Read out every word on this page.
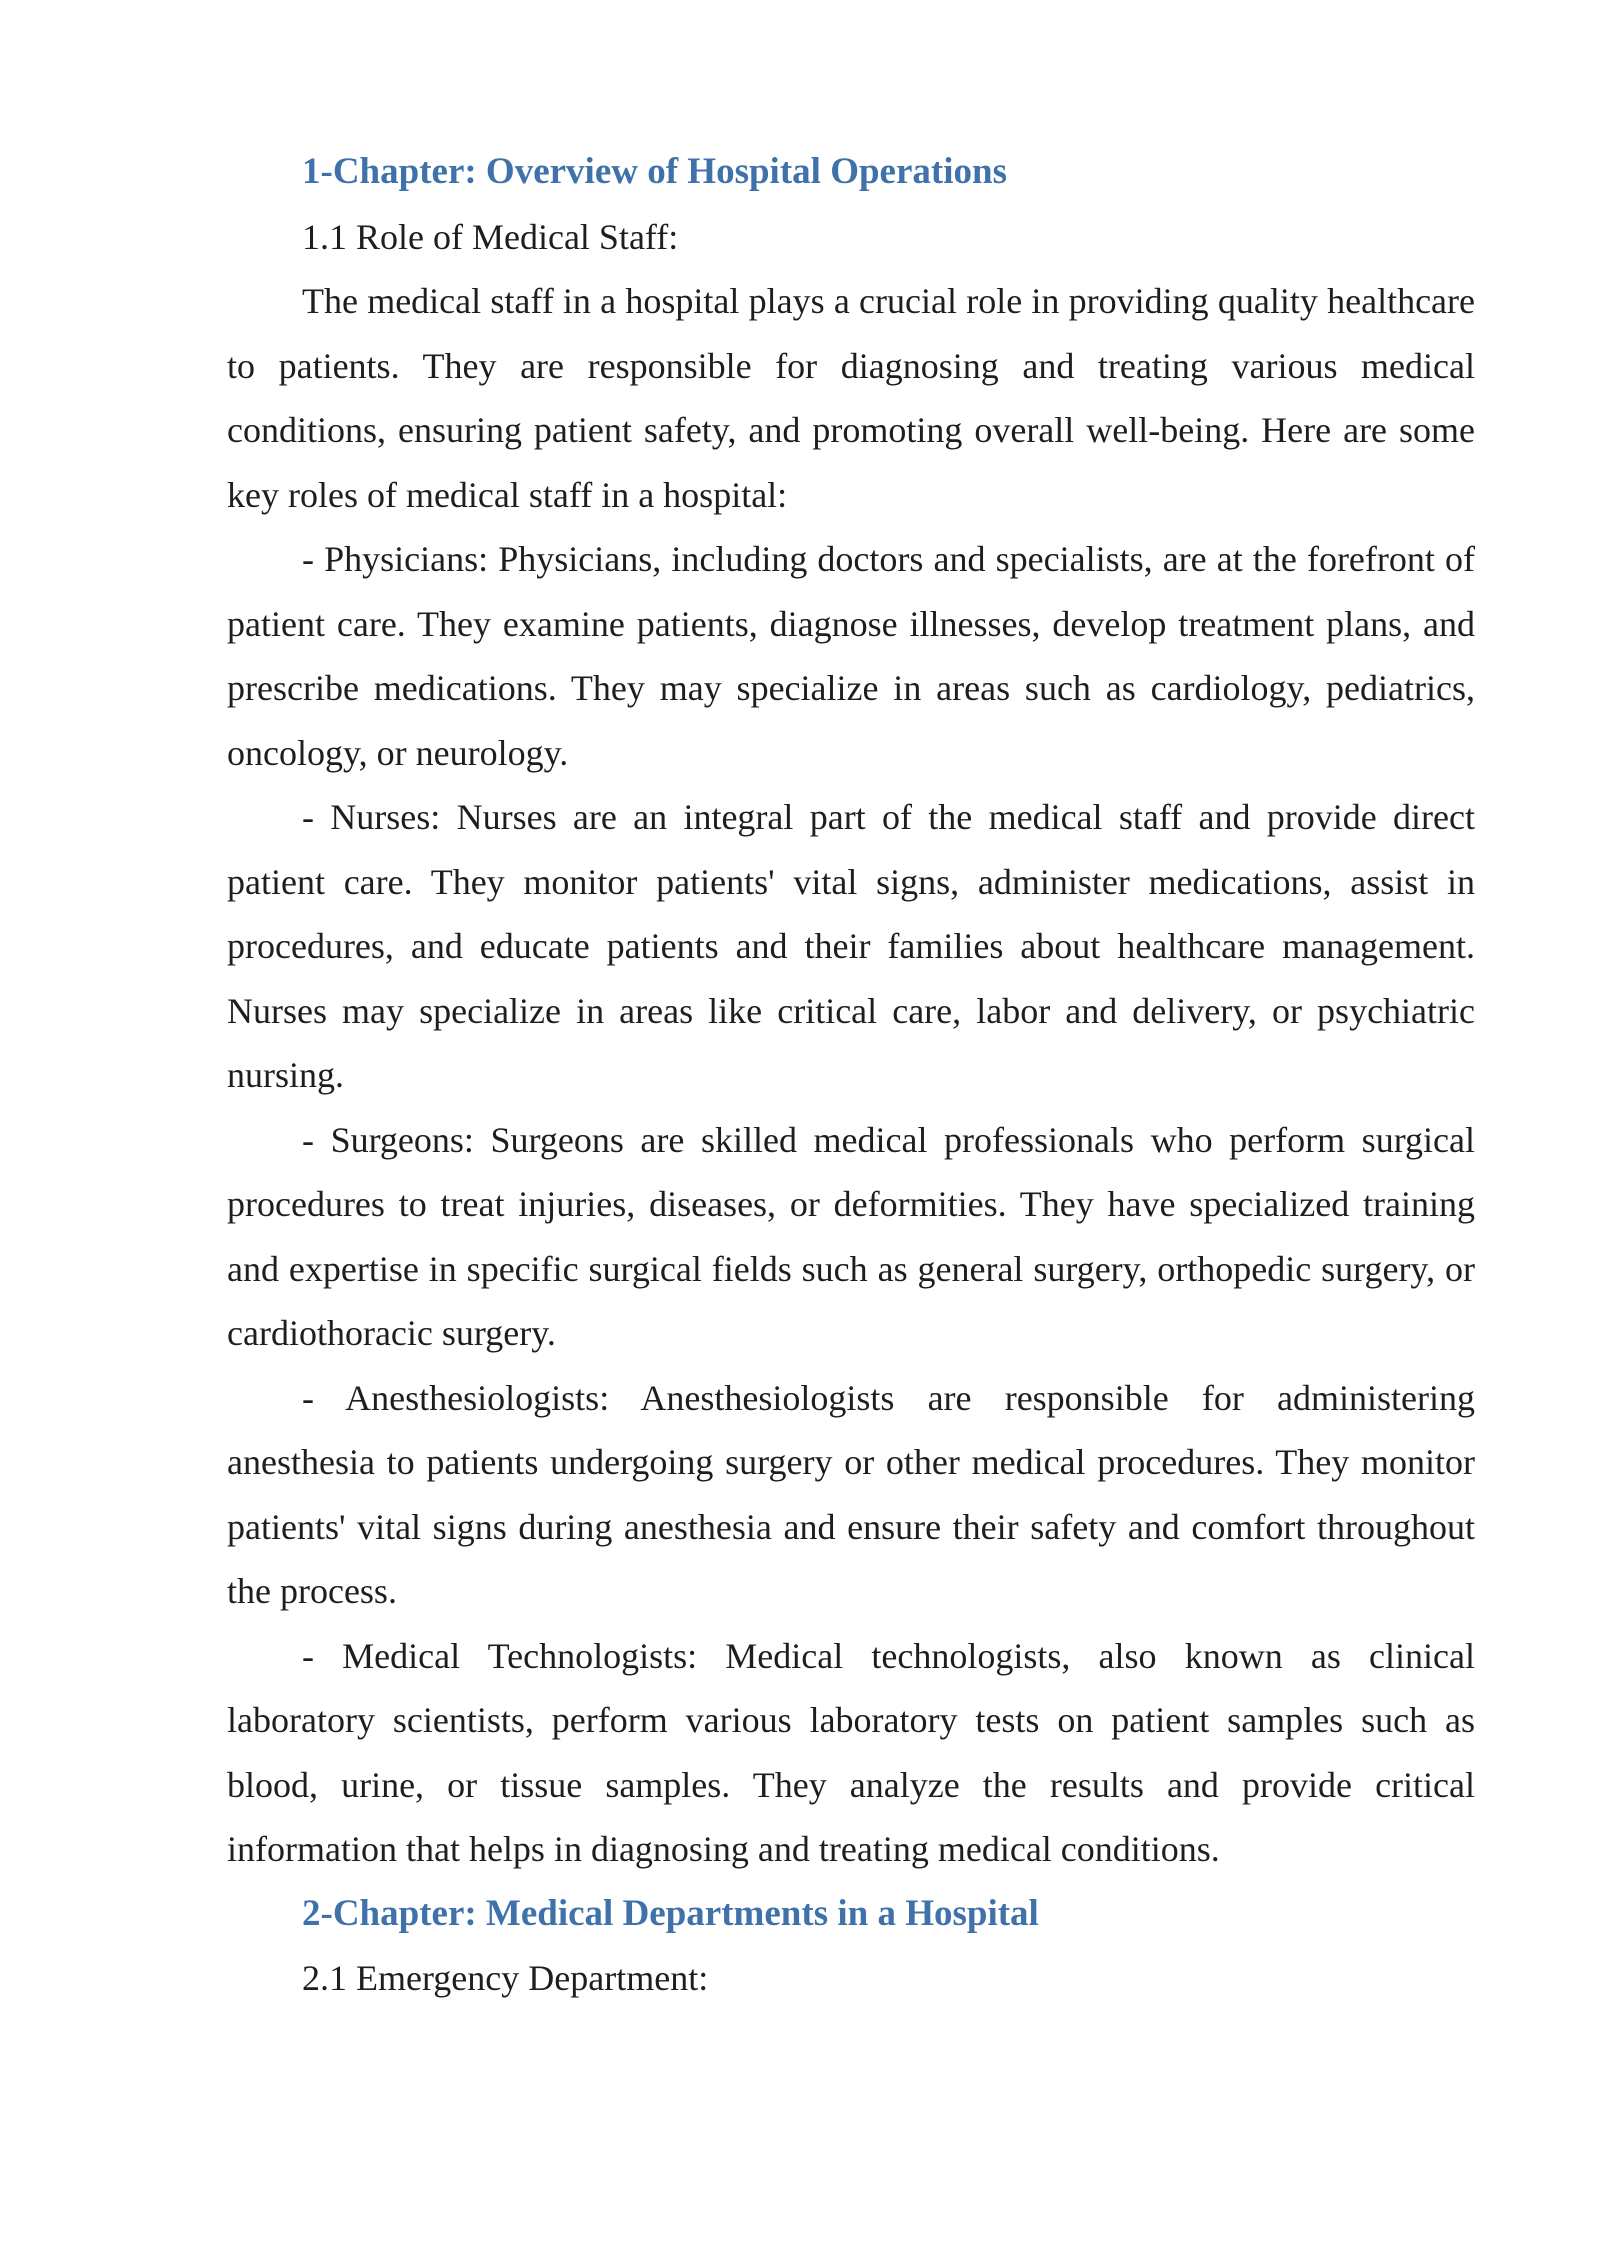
1-Chapter: Overview of Hospital Operations
1.1 Role of Medical Staff:

The medical staff in a hospital plays a crucial role in providing quality healthcare to patients. They are responsible for diagnosing and treating various medical conditions, ensuring patient safety, and promoting overall well-being. Here are some key roles of medical staff in a hospital:

- Physicians: Physicians, including doctors and specialists, are at the forefront of patient care. They examine patients, diagnose illnesses, develop treatment plans, and prescribe medications. They may specialize in areas such as cardiology, pediatrics, oncology, or neurology.

- Nurses: Nurses are an integral part of the medical staff and provide direct patient care. They monitor patients' vital signs, administer medications, assist in procedures, and educate patients and their families about healthcare management. Nurses may specialize in areas like critical care, labor and delivery, or psychiatric nursing.

- Surgeons: Surgeons are skilled medical professionals who perform surgical procedures to treat injuries, diseases, or deformities. They have specialized training and expertise in specific surgical fields such as general surgery, orthopedic surgery, or cardiothoracic surgery.

- Anesthesiologists: Anesthesiologists are responsible for administering anesthesia to patients undergoing surgery or other medical procedures. They monitor patients' vital signs during anesthesia and ensure their safety and comfort throughout the process.

- Medical Technologists: Medical technologists, also known as clinical laboratory scientists, perform various laboratory tests on patient samples such as blood, urine, or tissue samples. They analyze the results and provide critical information that helps in diagnosing and treating medical conditions.

2-Chapter: Medical Departments in a Hospital
2.1 Emergency Department:
